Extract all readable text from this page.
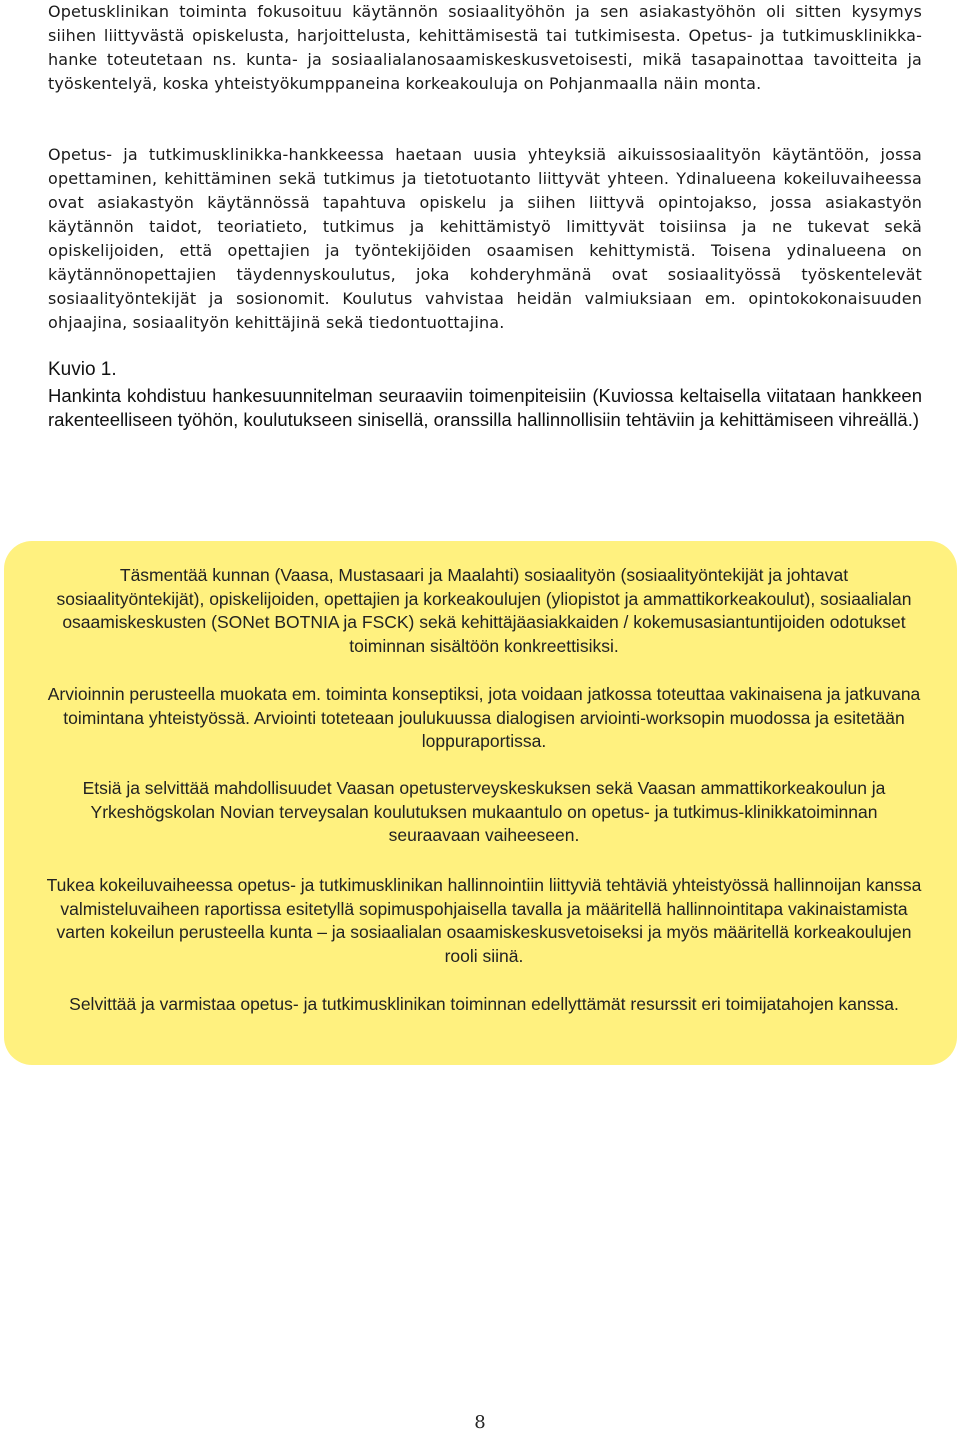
Opetusklinikan toiminta fokusoituu käytännön sosiaalityöhön ja sen asiakastyöhön oli sitten kysymys siihen liittyvästä opiskelusta, harjoittelusta, kehittämisestä tai tutkimisesta. Opetus- ja tutkimusklinikka-hanke toteutetaan ns. kunta- ja sosiaalialanosaamiskeskusvetoisesti, mikä tasapainottaa tavoitteita ja työskentelyä, koska yhteistyökumppaneina korkeakouluja on Pohjanmaalla näin monta.

Opetus- ja tutkimusklinikka-hankkeessa haetaan uusia yhteyksiä aikuissosiaalityön käytäntöön, jossa opettaminen, kehittäminen sekä tutkimus ja tietotuotanto liittyvät yhteen. Ydinalueena kokeiluvaiheessa ovat asiakastyön käytännössä tapahtuva opiskelu ja siihen liittyvä opintojakso, jossa asiakastyön käytännön taidot, teoriatieto, tutkimus ja kehittämistyö limittyvät toisiinsa ja ne tukevat sekä opiskelijoiden, että opettajien ja työntekijöiden osaamisen kehittymistä. Toisena ydinalueena on käytännönopettajien täydennyskoulutus, joka kohderyhmänä ovat sosiaalityössä työskentelevät sosiaalityöntekijät ja sosionomit. Koulutus vahvistaa heidän valmiuksiaan em. opintokokonaisuuden ohjaajina, sosiaalityön kehittäjinä sekä tiedontuottajina.

Kuvio 1.

Hankinta kohdistuu hankesuunnitelman seuraaviin toimenpiteisiin (Kuviossa keltaisella viitataan hankkeen rakenteelliseen työhön, koulutukseen sinisellä, oranssilla hallinnollisiin tehtäviin ja kehittämiseen vihreällä.)

Täsmentää kunnan (Vaasa, Mustasaari ja Maalahti) sosiaalityön (sosiaalityöntekijät ja johtavat sosiaalityöntekijät), opiskelijoiden, opettajien ja korkeakoulujen (yliopistot ja ammattikorkeakoulut), sosiaalialan osaamiskeskusten (SONet BOTNIA ja FSCK) sekä kehittäjäasiakkaiden / kokemusasiantuntijoiden odotukset toiminnan sisältöön konkreettisiksi.

Arvioinnin perusteella muokata em. toiminta konseptiksi, jota voidaan jatkossa toteuttaa vakinaisena ja jatkuvana toimintana yhteistyössä. Arviointi toteteaan joulukuussa dialogisen arviointi-worksopin muodossa ja esitetään loppuraportissa.

Etsiä ja selvittää mahdollisuudet Vaasan opetusterveyskeskuksen sekä Vaasan ammattikorkeakoulun ja Yrkeshögskolan Novian terveysalan koulutuksen mukaantulo on opetus- ja tutkimus-klinikkatoiminnan seuraavaan vaiheeseen.

Tukea kokeiluvaiheessa opetus- ja tutkimusklinikan hallinnointiin liittyviä tehtäviä yhteistyössä hallinnoijan kanssa valmisteluvaiheen raportissa esitetyllä sopimuspohjaisella tavalla ja määritellä hallinnointitapa vakinaistamista varten kokeilun perusteella kunta – ja sosiaalialan osaamiskeskusvetoiseksi ja myös määritellä korkeakoulujen rooli siinä.

Selvittää ja varmistaa opetus- ja tutkimusklinikan toiminnan edellyttämät resurssit eri toimijatahojen kanssa.

8
